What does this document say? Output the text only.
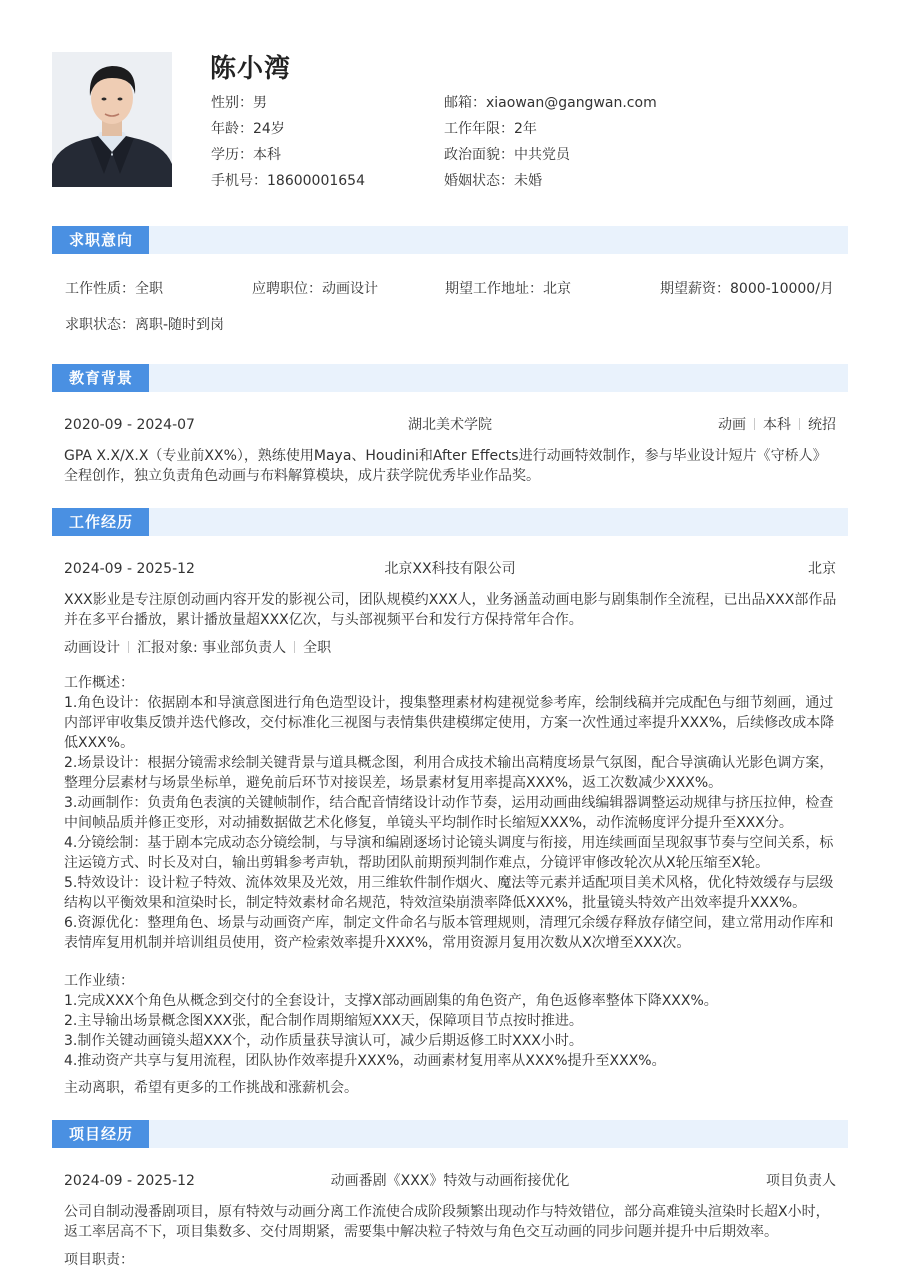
陈小湾
性别：男
年龄：24岁
学历：本科
手机号：18600001654
邮箱：xiaowan@gangwan.com
工作年限：2年
政治面貌：中共党员
婚姻状态：未婚
求职意向
工作性质：全职	应聘职位：动画设计	期望工作地址：北京	期望薪资：8000-10000/月
求职状态：离职-随时到岗
教育背景
2020-09 - 2024-07	湖北美术学院	动画 本科 统招
GPA X.X/X.X（专业前XX%），熟练使用Maya、Houdini和After Effects进行动画特效制作，参与毕业设计短片《守桥人》全程创作，独立负责角色动画与布料解算模块，成片获学院优秀毕业作品奖。
工作经历
2024-09 - 2025-12	北京XX科技有限公司	北京
XXX影业是专注原创动画内容开发的影视公司，团队规模约XXX人，业务涵盖动画电影与剧集制作全流程，已出品XXX部作品并在多平台播放，累计播放量超XXX亿次，与头部视频平台和发行方保持常年合作。
动画设计 汇报对象: 事业部负责人 全职
工作概述：
1.角色设计：依据剧本和导演意图进行角色造型设计，搜集整理素材构建视觉参考库，绘制线稿并完成配色与细节刻画，通过内部评审收集反馈并迭代修改，交付标准化三视图与表情集供建模绑定使用，方案一次性通过率提升XXX%，后续修改成本降低XXX%。
2.场景设计：根据分镜需求绘制关键背景与道具概念图，利用合成技术输出高精度场景气氛图，配合导演确认光影色调方案，整理分层素材与场景坐标单，避免前后环节对接误差，场景素材复用率提高XXX%，返工次数减少XXX%。
3.动画制作：负责角色表演的关键帧制作，结合配音情绪设计动作节奏，运用动画曲线编辑器调整运动规律与挤压拉伸，检查中间帧品质并修正变形，对动捕数据做艺术化修复，单镜头平均制作时长缩短XXX%，动作流畅度评分提升至XXX分。
4.分镜绘制：基于剧本完成动态分镜绘制，与导演和编剧逐场讨论镜头调度与衔接，用连续画面呈现叙事节奏与空间关系，标注运镜方式、时长及对白，输出剪辑参考声轨，帮助团队前期预判制作难点，分镜评审修改轮次从X轮压缩至X轮。
5.特效设计：设计粒子特效、流体效果及光效，用三维软件制作烟火、魔法等元素并适配项目美术风格，优化特效缓存与层级结构以平衡效果和渲染时长，制定特效素材命名规范，特效渲染崩溃率降低XXX%，批量镜头特效产出效率提升XXX%。
6.资源优化：整理角色、场景与动画资产库，制定文件命名与版本管理规则，清理冗余缓存释放存储空间，建立常用动作库和表情库复用机制并培训组员使用，资产检索效率提升XXX%，常用资源月复用次数从X次增至XXX次。
工作业绩：
1.完成XXX个角色从概念到交付的全套设计，支撑X部动画剧集的角色资产，角色返修率整体下降XXX%。
2.主导输出场景概念图XXX张，配合制作周期缩短XXX天，保障项目节点按时推进。
3.制作关键动画镜头超XXX个，动作质量获导演认可，减少后期返修工时XXX小时。
4.推动资产共享与复用流程，团队协作效率提升XXX%，动画素材复用率从XXX%提升至XXX%。
主动离职，希望有更多的工作挑战和涨薪机会。
项目经历
2024-09 - 2025-12	动画番剧《XXX》特效与动画衔接优化	项目负责人
公司自制动漫番剧项目，原有特效与动画分离工作流使合成阶段频繁出现动作与特效错位，部分高难镜头渲染时长超X小时，返工率居高不下，项目集数多、交付周期紧，需要集中解决粒子特效与角色交互动画的同步问题并提升中后期效率。
项目职责：
